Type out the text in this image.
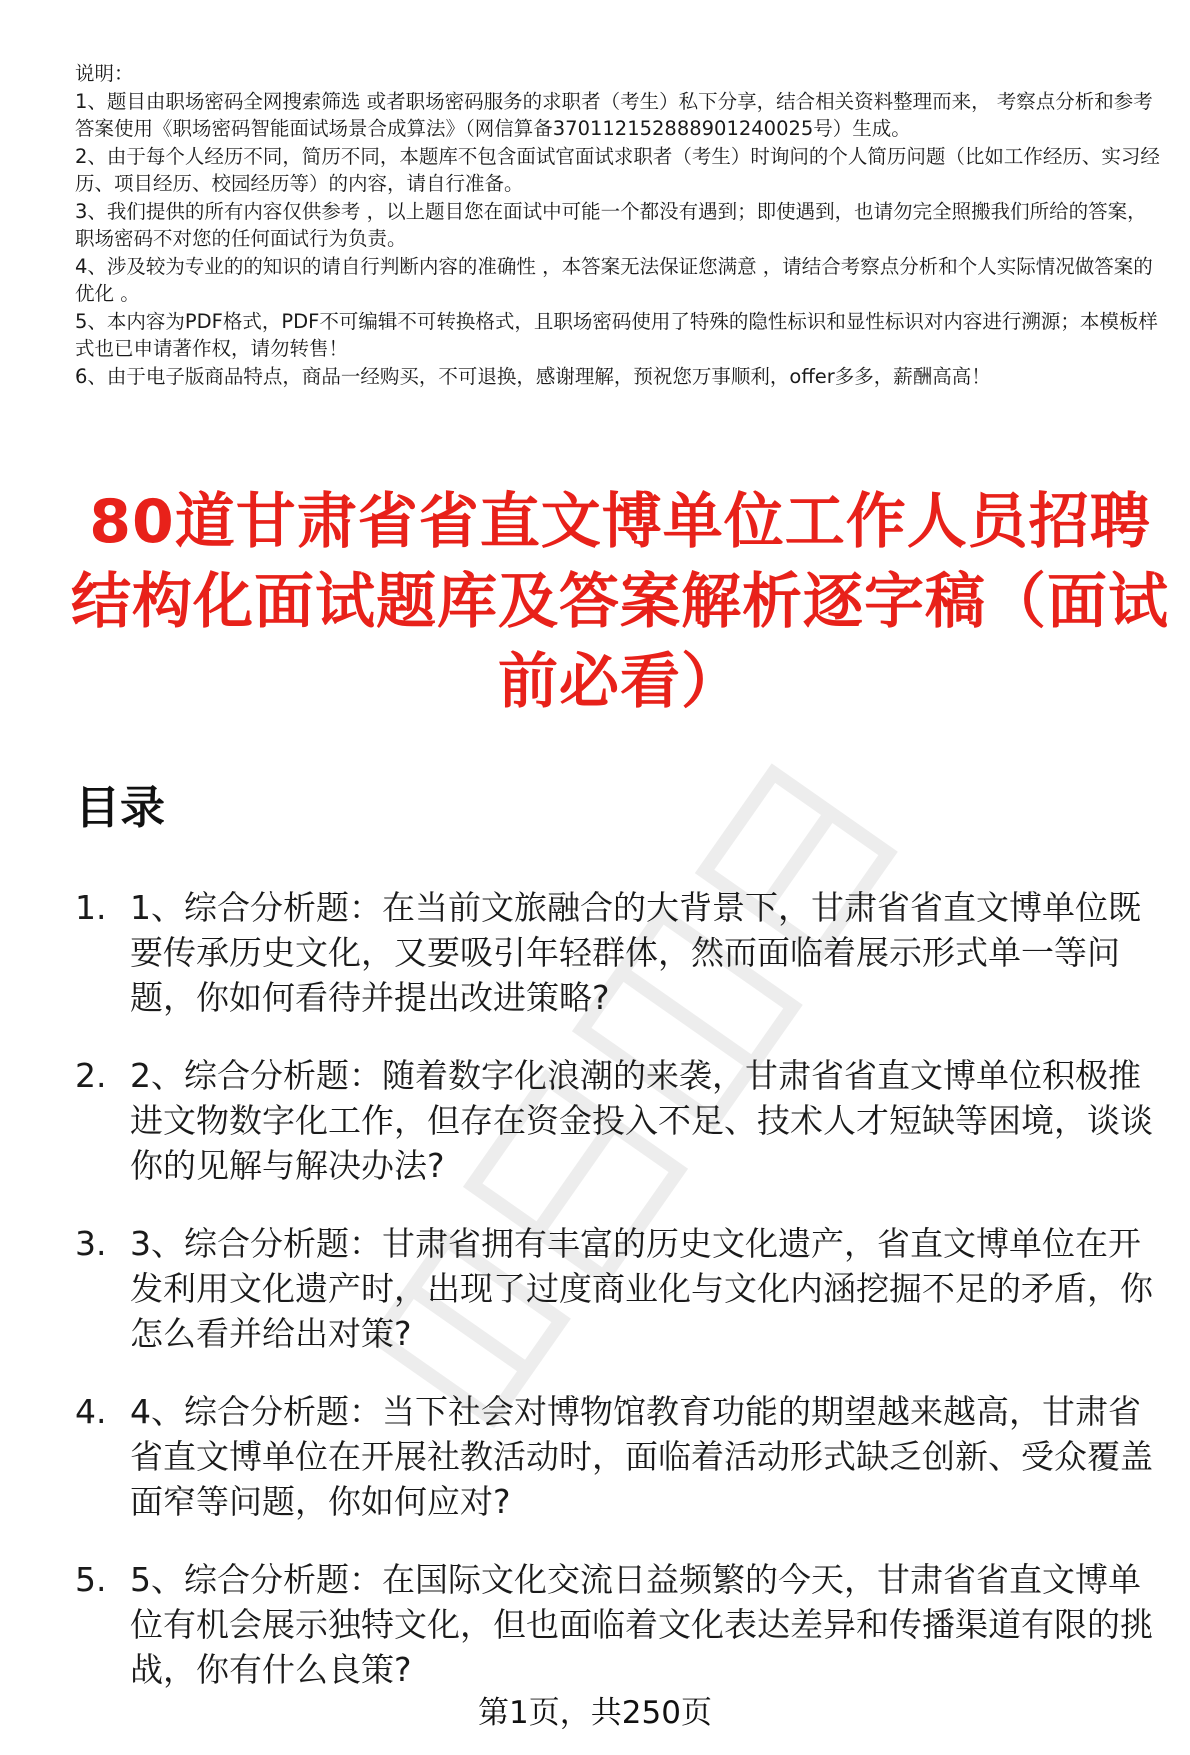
说明：

1、题目由职场密码全网搜索筛选 或者职场密码服务的求职者（考生）私下分享，结合相关资料整理而来， 考察点分析和参考答案使用《职场密码智能面试场景合成算法》（网信算备370112152888901240025号）生成。

2、由于每个人经历不同，简历不同，本题库不包含面试官面试求职者（考生）时询问的个人简历问题（比如工作经历、实习经历、项目经历、校园经历等）的内容，请自行准备。

3、我们提供的所有内容仅供参考 ，以上题目您在面试中可能一个都没有遇到；即使遇到，也请勿完全照搬我们所给的答案，职场密码不对您的任何面试行为负责。

4、涉及较为专业的的知识的请自行判断内容的准确性 ，本答案无法保证您满意 ，请结合考察点分析和个人实际情况做答案的优化 。

5、本内容为PDF格式，PDF不可编辑不可转换格式，且职场密码使用了特殊的隐性标识和显性标识对内容进行溯源；本模板样式也已申请著作权，请勿转售！

6、由于电子版商品特点，商品一经购买，不可退换，感谢理解，预祝您万事顺利，offer多多，薪酬高高！

80道甘肃省省直文博单位工作人员招聘结构化面试题库及答案解析逐字稿（面试前必看）
目录
1. 1、综合分析题：在当前文旅融合的大背景下，甘肃省省直文博单位既要传承历史文化，又要吸引年轻群体，然而面临着展示形式单一等问题，你如何看待并提出改进策略?
2. 2、综合分析题：随着数字化浪潮的来袭，甘肃省省直文博单位积极推进文物数字化工作，但存在资金投入不足、技术人才短缺等困境，谈谈你的见解与解决办法?
3. 3、综合分析题：甘肃省拥有丰富的历史文化遗产，省直文博单位在开发利用文化遗产时，出现了过度商业化与文化内涵挖掘不足的矛盾，你怎么看并给出对策?
4. 4、综合分析题：当下社会对博物馆教育功能的期望越来越高，甘肃省省直文博单位在开展社教活动时，面临着活动形式缺乏创新、受众覆盖面窄等问题，你如何应对?
5. 5、综合分析题：在国际文化交流日益频繁的今天，甘肃省省直文博单位有机会展示独特文化，但也面临着文化表达差异和传播渠道有限的挑战，你有什么良策?
第1页，共250页
